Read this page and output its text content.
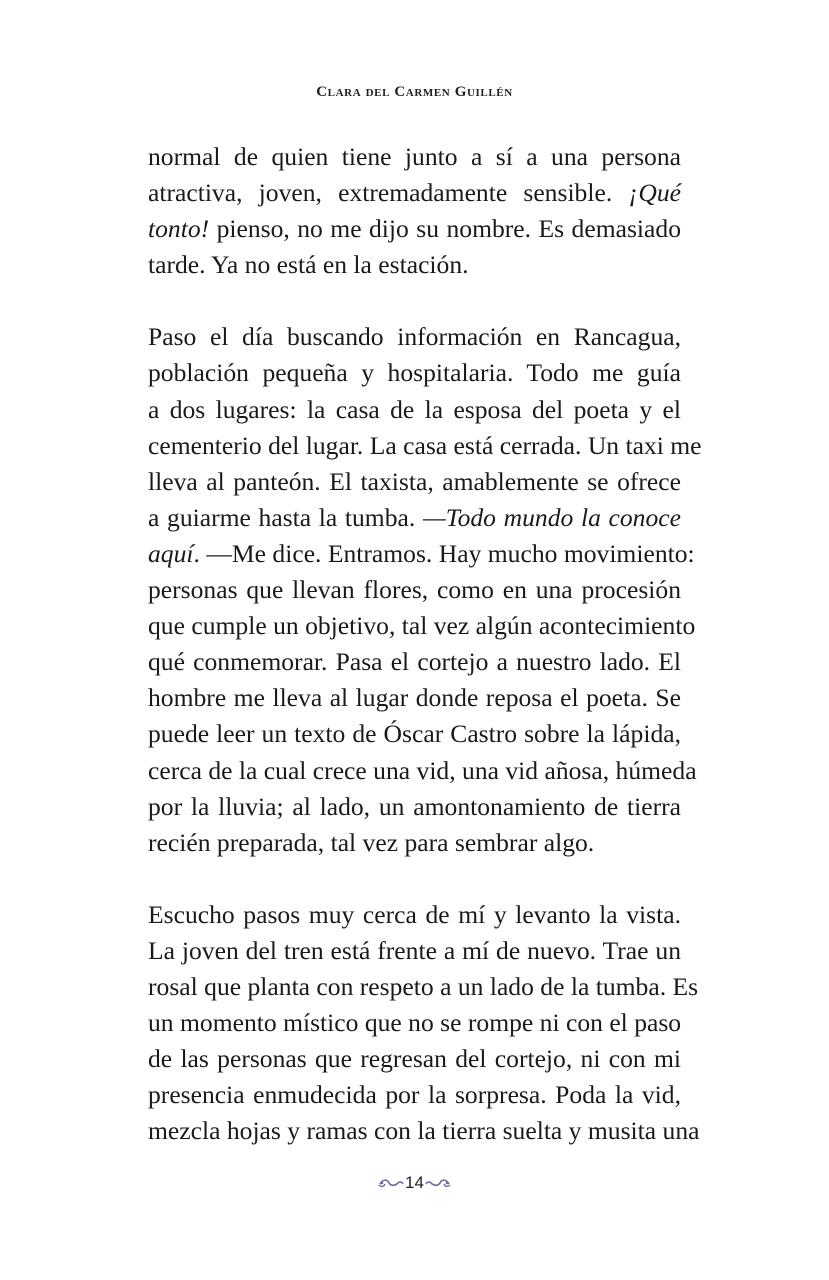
Clara del Carmen Guillén
normal de quien tiene junto a sí a una persona
atractiva, joven, extremadamente sensible. ¡Qué
tonto! pienso, no me dijo su nombre. Es demasiado
tarde. Ya no está en la estación.
Paso el día buscando información en Rancagua,
población pequeña y hospitalaria. Todo me guía
a dos lugares: la casa de la esposa del poeta y el
cementerio del lugar. La casa está cerrada. Un taxi me
lleva al panteón. El taxista, amablemente se ofrece
a guiarme hasta la tumba. —Todo mundo la conoce
aquí. —Me dice. Entramos. Hay mucho movimiento:
personas que llevan flores, como en una procesión
que cumple un objetivo, tal vez algún acontecimiento
qué conmemorar. Pasa el cortejo a nuestro lado. El
hombre me lleva al lugar donde reposa el poeta. Se
puede leer un texto de Óscar Castro sobre la lápida,
cerca de la cual crece una vid, una vid añosa, húmeda
por la lluvia; al lado, un amontonamiento de tierra
recién preparada, tal vez para sembrar algo.
Escucho pasos muy cerca de mí y levanto la vista.
La joven del tren está frente a mí de nuevo. Trae un
rosal que planta con respeto a un lado de la tumba. Es
un momento místico que no se rompe ni con el paso
de las personas que regresan del cortejo, ni con mi
presencia enmudecida por la sorpresa. Poda la vid,
mezcla hojas y ramas con la tierra suelta y musita una
14
